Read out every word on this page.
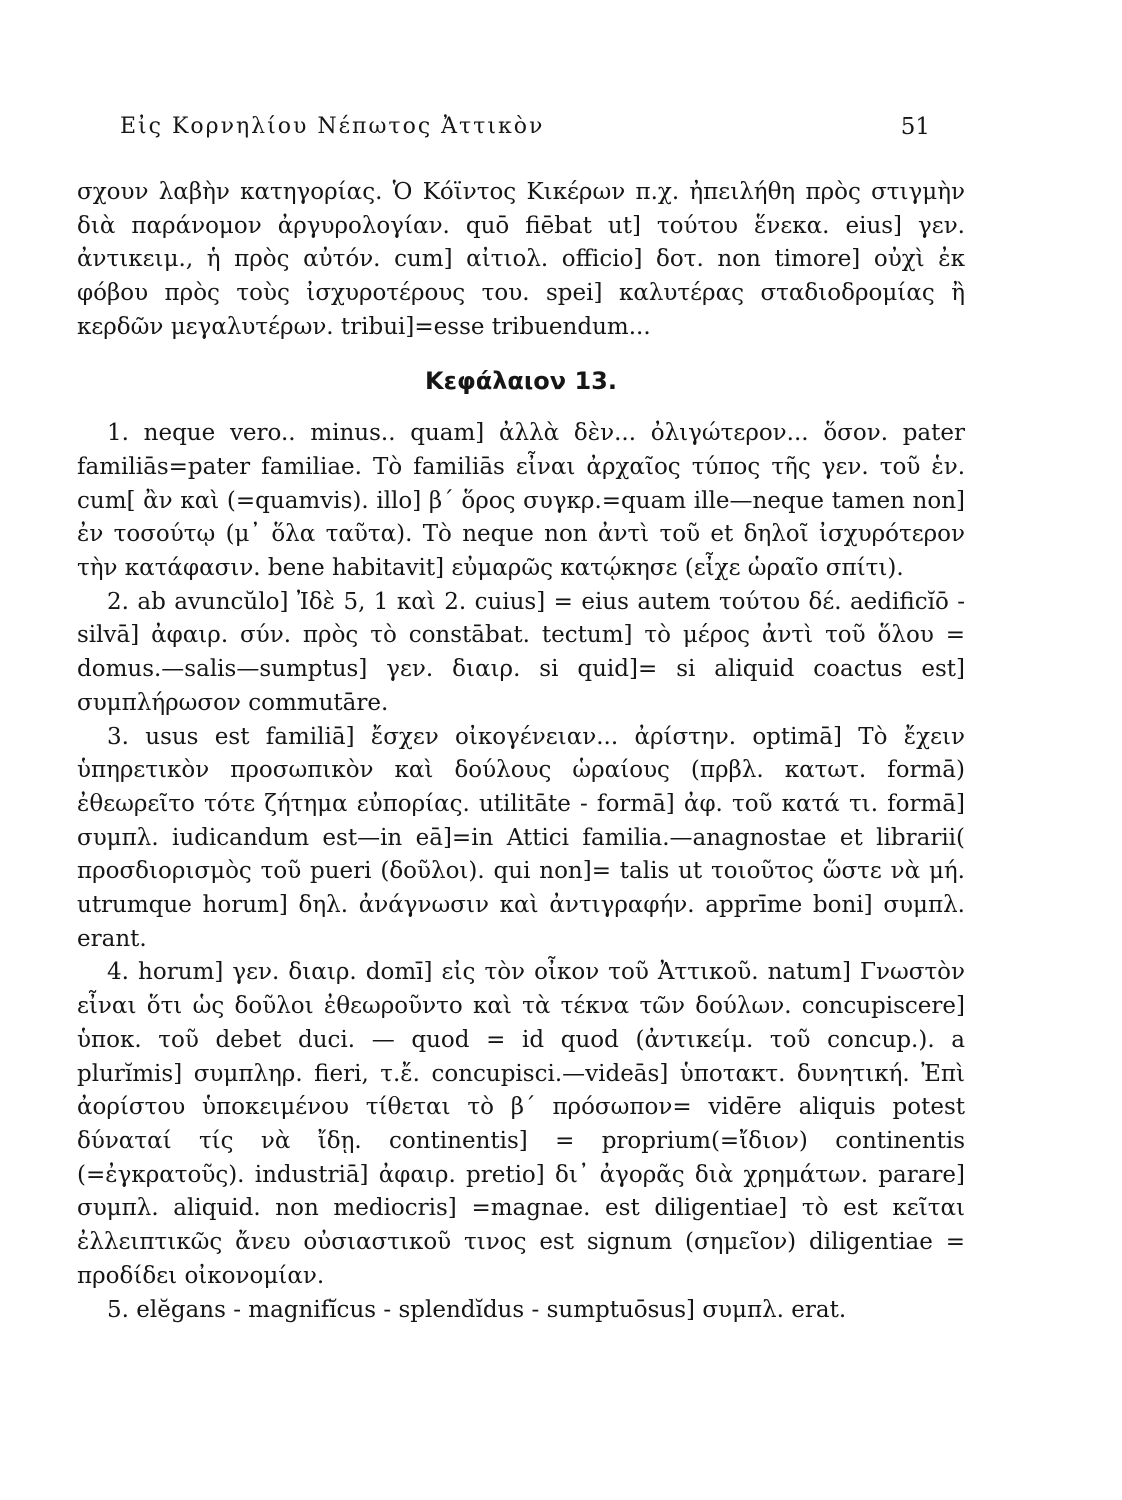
Εἰς Κορνηλίου Νέπωτος Ἀττικὸν	51

σχουν λαβὴν κατηγορίας. Ὁ Κόϊντος Κικέρων π.χ. ἠπειλήθη πρὸς στιγμὴν διὰ παράνομον ἀργυρολογίαν. quō fiēbat ut] τούτου ἕνεκα. eius] γεν. ἀντικειμ., ἡ πρὸς αὐτόν. cum] αἰτιολ. officio] δοτ. non timore] οὐχὶ ἐκ φόβου πρὸς τοὺς ἰσχυροτέρους του. spei] καλυτέρας σταδιοδρομίας ἢ κερδῶν μεγαλυτέρων. tribui]=esse tribuendum...

Κεφάλαιον 13.

1. neque vero.. minus.. quam] ἀλλὰ δὲν... ὀλιγώτερον... ὅσον. pater familiās=pater familiae. Τὸ familiās εἶναι ἀρχαῖος τύπος τῆς γεν. τοῦ ἑν. cum[ ἂν καὶ (=quamvis). illo] β΄ ὅρος συγκρ.=quam ille—neque tamen non] ἐν τοσούτῳ (μ᾿ ὅλα ταῦτα). Τὸ neque non ἀντὶ τοῦ et δηλοῖ ἰσχυρότερον τὴν κατάφασιν. bene habitavit] εὐμαρῶς κατῴκησε (εἶχε ὡραῖο σπίτι).

2. ab avuncŭlo] Ἰδὲ 5, 1 καὶ 2. cuius] = eius autem τούτου δέ. aedificĭō - silvā] ἀφαιρ. σύν. πρὸς τὸ constābat. tectum] τὸ μέρος ἀντὶ τοῦ ὅλου = domus.—salis—sumptus] γεν. διαιρ. si quid]= si aliquid coactus est] συμπλήρωσον commutāre.

3. usus est familiā] ἔσχεν οἰκογένειαν... ἀρίστην. optimā] Τὸ ἔχειν ὑπηρετικὸν προσωπικὸν καὶ δούλους ὡραίους (πρβλ. κατωτ. formā) ἐθεωρεῖτο τότε ζήτημα εὐπορίας. utilitāte - formā] ἀφ. τοῦ κατά τι. formā] συμπλ. iudicandum est—in eā]=in Attici familia.—anagnostae et librarii( προσδιορισμὸς τοῦ pueri (δοῦλοι). qui non]= talis ut τοιοῦτος ὥστε νὰ μή. utrumque horum] δηλ. ἀνάγνωσιν καὶ ἀντιγραφήν. apprīme boni] συμπλ. erant.

4. horum] γεν. διαιρ. domī] εἰς τὸν οἶκον τοῦ Ἀττικοῦ. natum] Γνωστὸν εἶναι ὅτι ὡς δοῦλοι ἐθεωροῦντο καὶ τὰ τέκνα τῶν δούλων. concupiscere] ὑποκ. τοῦ debet duci. — quod = id quod (ἀντικείμ. τοῦ concup.). a plurĭmis] συμπληρ. fieri, τ.ἔ. concupisci.—videās] ὑποτακτ. δυνητική. Ἐπὶ ἀορίστου ὑποκειμένου τίθεται τὸ β΄ πρόσωπον= vidēre aliquis potest δύναταί τίς νὰ ἴδῃ. continentis] = proprium(=ἴδιον) continentis (=ἐγκρατοῦς). industriā] ἀφαιρ. pretio] δι᾿ ἀγορᾶς διὰ χρημάτων. parare] συμπλ. aliquid. non mediocris] =magnae. est diligentiae] τὸ est κεῖται ἐλλειπτικῶς ἄνευ οὐσιαστικοῦ τινος est signum (σημεῖον) diligentiae = προδίδει οἰκονομίαν.

5. elĕgans - magnifĭcus - splendĭdus - sumptuōsus] συμπλ. erat.
